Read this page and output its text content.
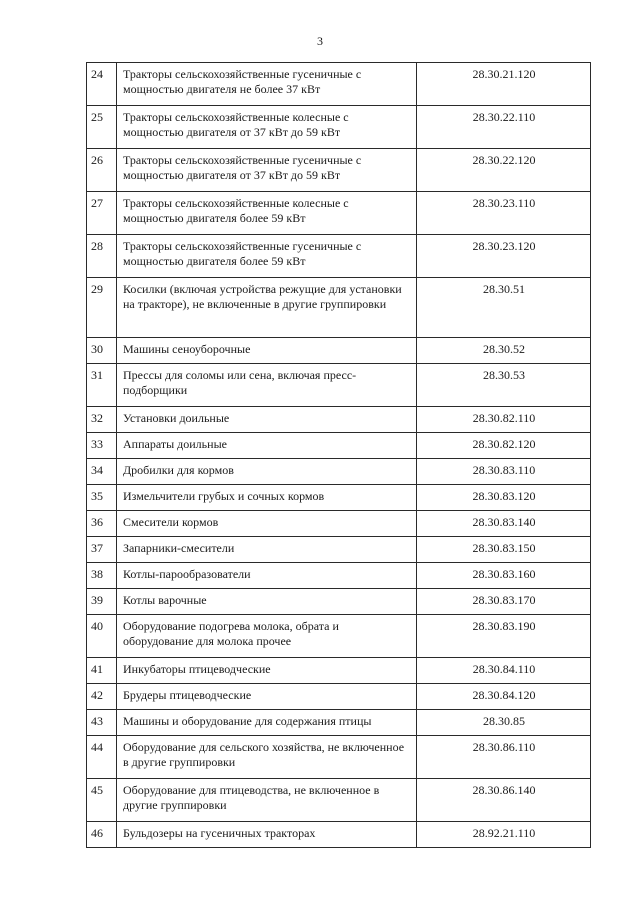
3
24	Тракторы сельскохозяйственные гусеничные с мощностью двигателя не более 37 кВт	28.30.21.120
25	Тракторы сельскохозяйственные колесные с мощностью двигателя от 37 кВт до 59 кВт	28.30.22.110
26	Тракторы сельскохозяйственные гусеничные с мощностью двигателя от 37 кВт до 59 кВт	28.30.22.120
27	Тракторы сельскохозяйственные колесные с мощностью двигателя более 59 кВт	28.30.23.110
28	Тракторы сельскохозяйственные гусеничные с мощностью двигателя более 59 кВт	28.30.23.120
29	Косилки (включая устройства режущие для установки на тракторе), не включенные в другие группировки	28.30.51
30	Машины сеноуборочные	28.30.52
31	Прессы для соломы или сена, включая пресс-подборщики	28.30.53
32	Установки доильные	28.30.82.110
33	Аппараты доильные	28.30.82.120
34	Дробилки для кормов	28.30.83.110
35	Измельчители грубых и сочных кормов	28.30.83.120
36	Смесители кормов	28.30.83.140
37	Запарники-смесители	28.30.83.150
38	Котлы-парообразователи	28.30.83.160
39	Котлы варочные	28.30.83.170
40	Оборудование подогрева молока, обрата и оборудование для молока прочее	28.30.83.190
41	Инкубаторы птицеводческие	28.30.84.110
42	Брудеры птицеводческие	28.30.84.120
43	Машины и оборудование для содержания птицы	28.30.85
44	Оборудование для сельского хозяйства, не включенное в другие группировки	28.30.86.110
45	Оборудование для птицеводства, не включенное в другие группировки	28.30.86.140
46	Бульдозеры на гусеничных тракторах	28.92.21.110
